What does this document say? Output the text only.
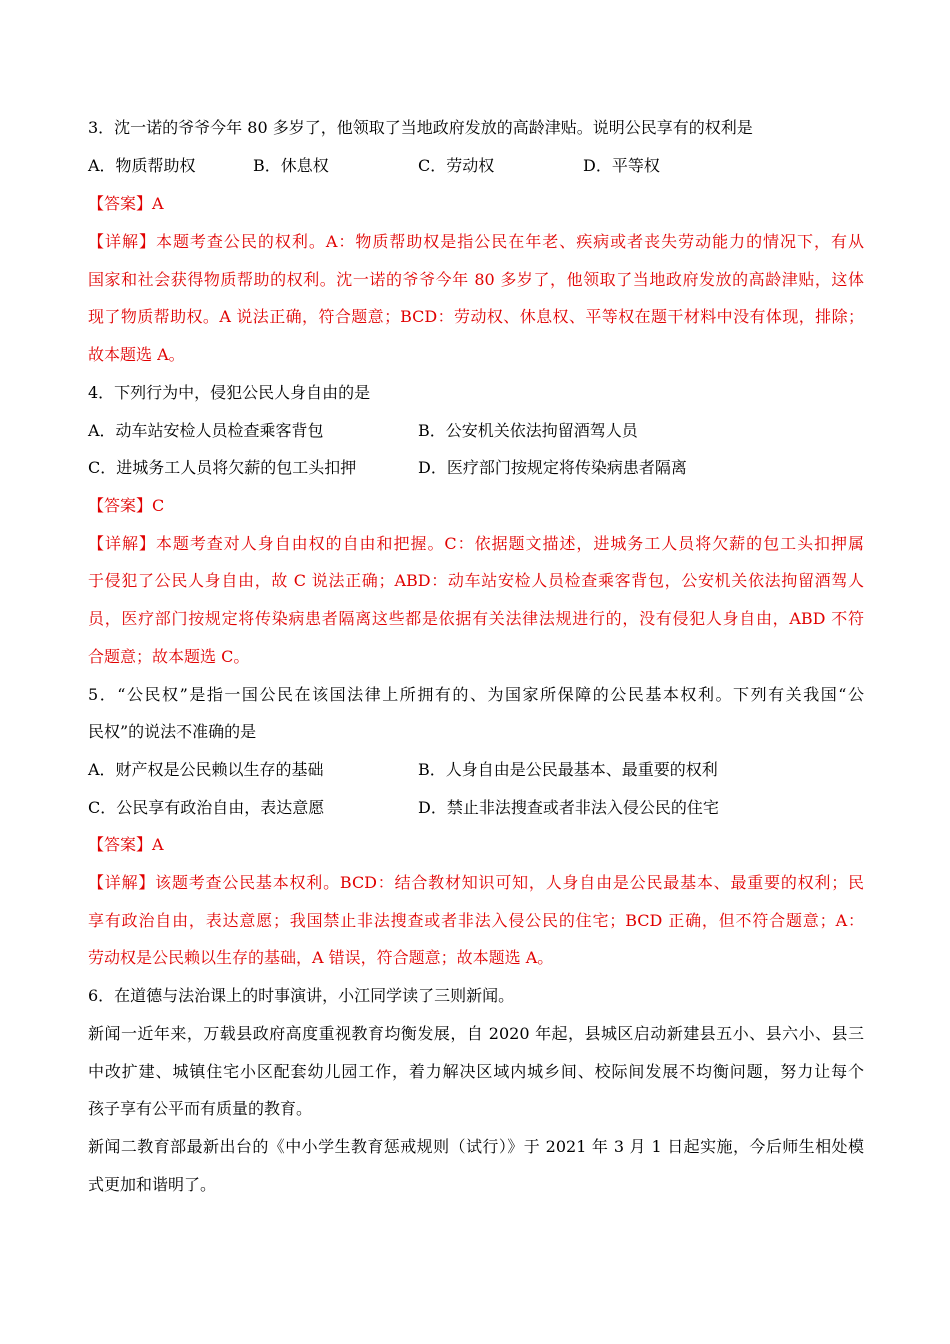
3．沈一诺的爷爷今年 80 多岁了，他领取了当地政府发放的高龄津贴。说明公民享有的权利是
A．物质帮助权	B．休息权	C．劳动权	D．平等权
【答案】A
【详解】本题考查公民的权利。A：物质帮助权是指公民在年老、疾病或者丧失劳动能力的情况下，有从
国家和社会获得物质帮助的权利。沈一诺的爷爷今年 80 多岁了，他领取了当地政府发放的高龄津贴，这体
现了物质帮助权。A 说法正确，符合题意；BCD：劳动权、休息权、平等权在题干材料中没有体现，排除；
故本题选 A。
4．下列行为中，侵犯公民人身自由的是
A．动车站安检人员检查乘客背包	B．公安机关依法拘留酒驾人员
C．进城务工人员将欠薪的包工头扣押	D．医疗部门按规定将传染病患者隔离
【答案】C
【详解】本题考查对人身自由权的自由和把握。C：依据题文描述，进城务工人员将欠薪的包工头扣押属
于侵犯了公民人身自由，故 C 说法正确；ABD：动车站安检人员检查乘客背包，公安机关依法拘留酒驾人
员，医疗部门按规定将传染病患者隔离这些都是依据有关法律法规进行的，没有侵犯人身自由，ABD 不符
合题意；故本题选 C。
5．“公民权”是指一国公民在该国法律上所拥有的、为国家所保障的公民基本权利。下列有关我国“公
民权”的说法不准确的是
A．财产权是公民赖以生存的基础	B．人身自由是公民最基本、最重要的权利
C．公民享有政治自由，表达意愿	D．禁止非法搜查或者非法入侵公民的住宅
【答案】A
【详解】该题考查公民基本权利。BCD：结合教材知识可知，人身自由是公民最基本、最重要的权利；民
享有政治自由，表达意愿；我国禁止非法搜查或者非法入侵公民的住宅；BCD 正确，但不符合题意；A：
劳动权是公民赖以生存的基础，A 错误，符合题意；故本题选 A。
6．在道德与法治课上的时事演讲，小江同学读了三则新闻。
新闻一近年来，万载县政府高度重视教育均衡发展，自 2020 年起，县城区启动新建县五小、县六小、县三
中改扩建、城镇住宅小区配套幼儿园工作，着力解决区域内城乡间、校际间发展不均衡问题，努力让每个
孩子享有公平而有质量的教育。
新闻二教育部最新出台的《中小学生教育惩戒规则（试行）》于 2021 年 3 月 1 日起实施，今后师生相处模
式更加和谐明了。
